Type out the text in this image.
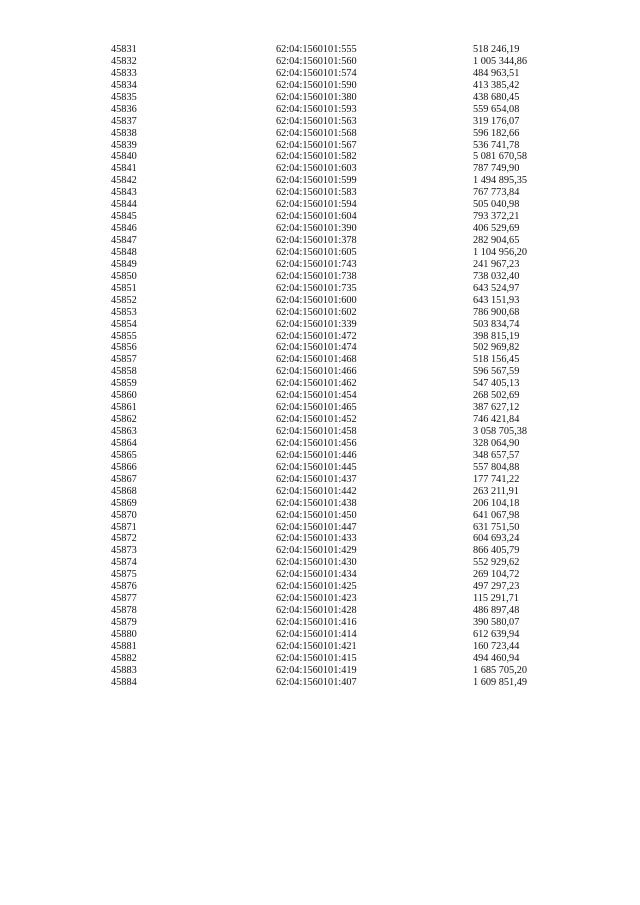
45831	62:04:1560101:555	518 246,19
45832	62:04:1560101:560	1 005 344,86
45833	62:04:1560101:574	484 963,51
45834	62:04:1560101:590	413 385,42
45835	62:04:1560101:380	438 680,45
45836	62:04:1560101:593	559 654,08
45837	62:04:1560101:563	319 176,07
45838	62:04:1560101:568	596 182,66
45839	62:04:1560101:567	536 741,78
45840	62:04:1560101:582	5 081 670,58
45841	62:04:1560101:603	787 749,90
45842	62:04:1560101:599	1 494 895,35
45843	62:04:1560101:583	767 773,84
45844	62:04:1560101:594	505 040,98
45845	62:04:1560101:604	793 372,21
45846	62:04:1560101:390	406 529,69
45847	62:04:1560101:378	282 904,65
45848	62:04:1560101:605	1 104 956,20
45849	62:04:1560101:743	241 967,23
45850	62:04:1560101:738	738 032,40
45851	62:04:1560101:735	643 524,97
45852	62:04:1560101:600	643 151,93
45853	62:04:1560101:602	786 900,68
45854	62:04:1560101:339	503 834,74
45855	62:04:1560101:472	398 815,19
45856	62:04:1560101:474	502 969,82
45857	62:04:1560101:468	518 156,45
45858	62:04:1560101:466	596 567,59
45859	62:04:1560101:462	547 405,13
45860	62:04:1560101:454	268 502,69
45861	62:04:1560101:465	387 627,12
45862	62:04:1560101:452	746 421,84
45863	62:04:1560101:458	3 058 705,38
45864	62:04:1560101:456	328 064,90
45865	62:04:1560101:446	348 657,57
45866	62:04:1560101:445	557 804,88
45867	62:04:1560101:437	177 741,22
45868	62:04:1560101:442	263 211,91
45869	62:04:1560101:438	206 104,18
45870	62:04:1560101:450	641 067,98
45871	62:04:1560101:447	631 751,50
45872	62:04:1560101:433	604 693,24
45873	62:04:1560101:429	866 405,79
45874	62:04:1560101:430	552 929,62
45875	62:04:1560101:434	269 104,72
45876	62:04:1560101:425	497 297,23
45877	62:04:1560101:423	115 291,71
45878	62:04:1560101:428	486 897,48
45879	62:04:1560101:416	390 580,07
45880	62:04:1560101:414	612 639,94
45881	62:04:1560101:421	160 723,44
45882	62:04:1560101:415	494 460,94
45883	62:04:1560101:419	1 685 705,20
45884	62:04:1560101:407	1 609 851,49
